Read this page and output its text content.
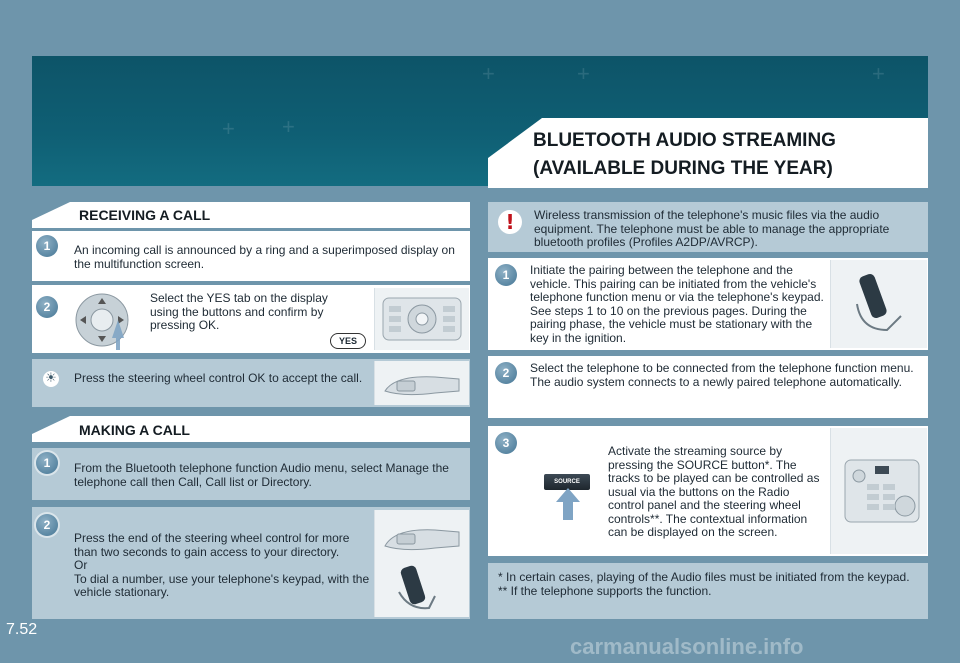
+ +
+	+	+
BLUETOOTH AUDIO STREAMING
(AVAILABLE DURING THE YEAR)
RECEIVING A CALL
1	An incoming call is announced by a ring and a superimposed display on the multifunction screen.
2
Select the YES tab on the display using the buttons and confirm by pressing OK.
YES
☀ Press the steering wheel control OK to accept the call.
MAKING A CALL
1	From the Bluetooth telephone function Audio menu, select Manage the telephone call then Call, Call list or Directory.
2

Press the end of the steering wheel control for more than two seconds to gain access to your directory.

Or

To dial a number, use your telephone's keypad, with the vehicle stationary.

!	Wireless transmission of the telephone's music files via the audio equipment. The telephone must be able to manage the appropriate bluetooth profiles (Profiles A2DP/AVRCP).
1	Initiate the pairing between the telephone and the vehicle. This pairing can be initiated from the vehicle's telephone function menu or via the telephone's keypad. See steps 1 to 10 on the previous pages. During the pairing phase, the vehicle must be stationary with the key in the ignition.
2	Select the telephone to be connected from the telephone function menu.

The audio system connects to a newly paired telephone automatically.

3
SOURCE
Activate the streaming source by pressing the SOURCE button*. The tracks to be played can be controlled as usual via the buttons on the Radio control panel and the steering wheel controls**. The contextual information can be displayed on the screen.

* In certain cases, playing of the Audio files must be initiated from the keypad.

** If the telephone supports the function.

7.52
carmanualsonline.info
